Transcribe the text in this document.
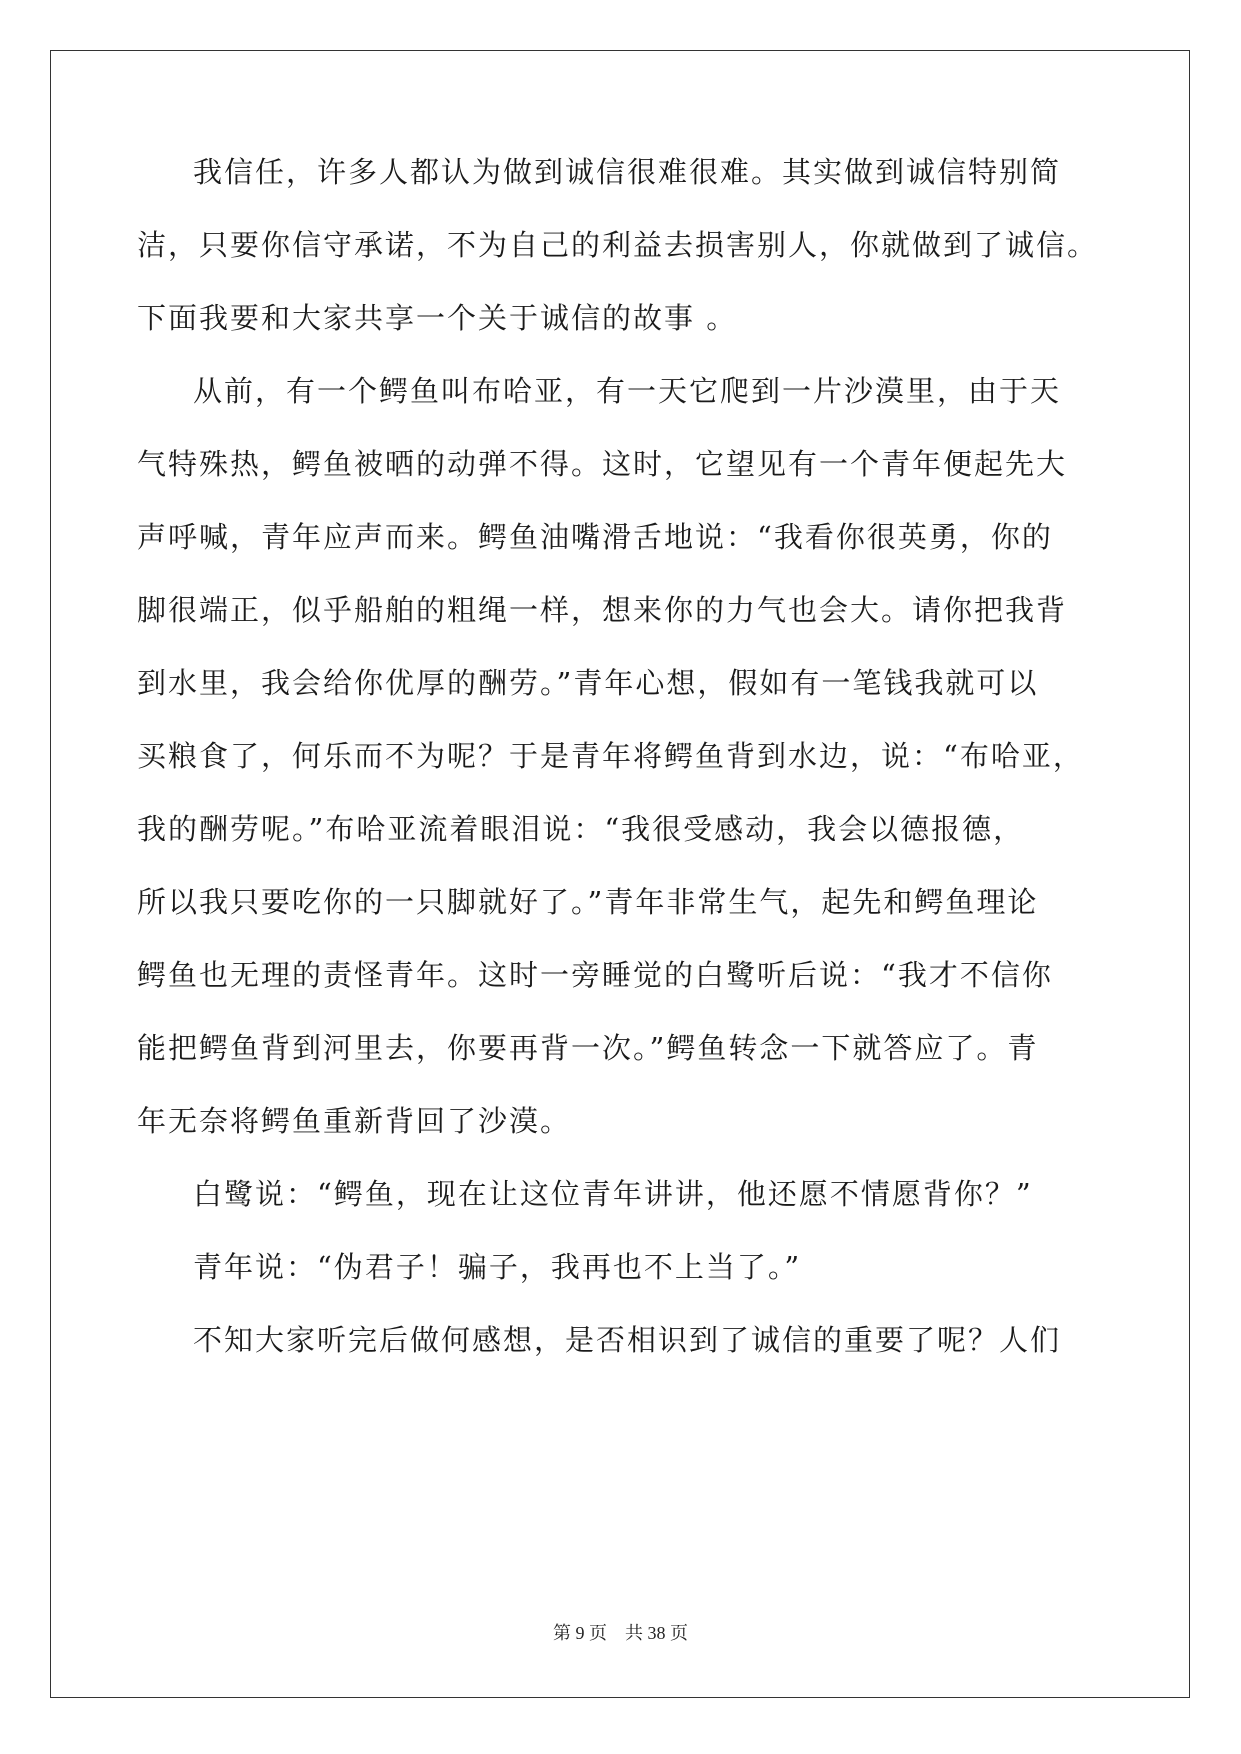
我信任，许多人都认为做到诚信很难很难。其实做到诚信特别简

洁，只要你信守承诺，不为自己的利益去损害别人，你就做到了诚信。

下面我要和大家共享一个关于诚信的故事 。

从前，有一个鳄鱼叫布哈亚，有一天它爬到一片沙漠里，由于天

气特殊热，鳄鱼被晒的动弹不得。这时，它望见有一个青年便起先大

声呼喊，青年应声而来。鳄鱼油嘴滑舌地说：“我看你很英勇，你的

脚很端正，似乎船舶的粗绳一样，想来你的力气也会大。请你把我背

到水里，我会给你优厚的酬劳。”青年心想，假如有一笔钱我就可以

买粮食了，何乐而不为呢？于是青年将鳄鱼背到水边，说：“布哈亚，

我的酬劳呢。”布哈亚流着眼泪说：“我很受感动，我会以德报德，

所以我只要吃你的一只脚就好了。”青年非常生气，起先和鳄鱼理论

鳄鱼也无理的责怪青年。这时一旁睡觉的白鹭听后说：“我才不信你

能把鳄鱼背到河里去，你要再背一次。”鳄鱼转念一下就答应了。青

年无奈将鳄鱼重新背回了沙漠。

白鹭说：“鳄鱼，现在让这位青年讲讲，他还愿不情愿背你？”

青年说：“伪君子！骗子，我再也不上当了。”

不知大家听完后做何感想，是否相识到了诚信的重要了呢？人们

第 9 页 共 38 页
